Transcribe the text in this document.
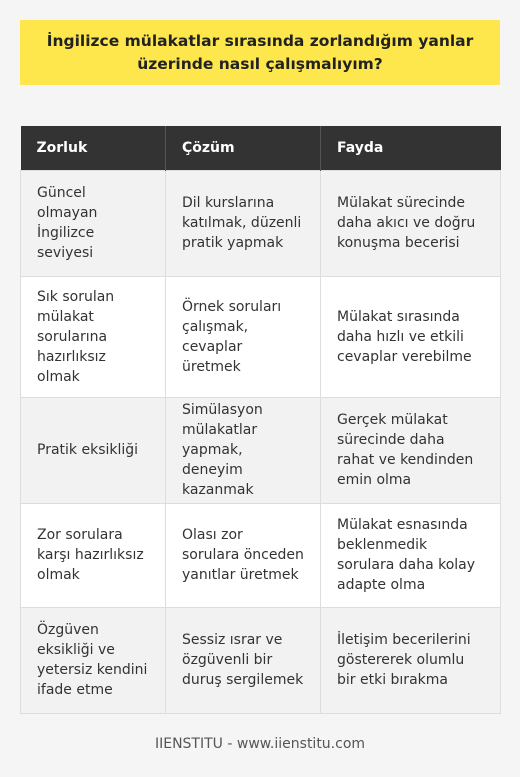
İngilizce mülakatlar sırasında zorlandığım yanlar üzerinde nasıl çalışmalıyım?
Zorluk	Çözüm	Fayda
Güncel olmayan İngilizce seviyesi	Dil kurslarına katılmak, düzenli pratik yapmak	Mülakat sürecinde daha akıcı ve doğru konuşma becerisi
Sık sorulan mülakat sorularına hazırlıksız olmak	Örnek soruları çalışmak, cevaplar üretmek	Mülakat sırasında daha hızlı ve etkili cevaplar verebilme
Pratik eksikliği	Simülasyon mülakatlar yapmak, deneyim kazanmak	Gerçek mülakat sürecinde daha rahat ve kendinden emin olma
Zor sorulara karşı hazırlıksız olmak	Olası zor sorulara önceden yanıtlar üretmek	Mülakat esnasında beklenmedik sorulara daha kolay adapte olma
Özgüven eksikliği ve yetersiz kendini ifade etme	Sessiz ısrar ve özgüvenli bir duruş sergilemek	İletişim becerilerini göstererek olumlu bir etki bırakma
IIENSTITU - www.iienstitu.com
